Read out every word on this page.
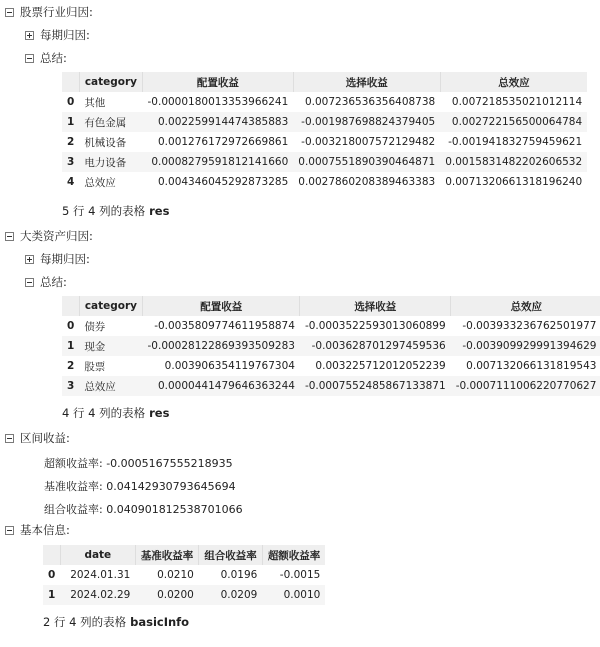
股票行业归因:
每期归因:
总结:
	category	配置收益	选择收益	总效应
0	其他	-0.0000180013353966241	0.007236536356408738	0.007218535021012114
1	有色金属	0.002259914474385883	-0.001987698824379405	0.002722156500064784
2	机械设备	0.001276172972669861	-0.003218007572129482	-0.001941832759459621
3	电力设备	0.0008279591812141660	0.0007551890390464871	0.0015831482202606532
4	总效应	0.004346045292873285	0.0027860208389463383	0.0071320661318196240
5 行 4 列的表格 res
大类资产归因:
每期归因:
总结:
	category	配置收益	选择收益	总效应
0	债券	-0.0035809774611958874	-0.0003522593013060899	-0.003933236762501977
1	现金	-0.00028122869393509283	-0.003628701297459536	-0.003909929991394629
2	股票	0.003906354119767304	0.003225712012052239	0.007132066131819543
3	总效应	0.0000441479646363244	-0.0007552485867133871	-0.0007111006220770627
4 行 4 列的表格 res
区间收益:
超额收益率: -0.0005167555218935
基准收益率: 0.04142930793645694
组合收益率: 0.040901812538701066
基本信息:
	date	基准收益率	组合收益率	超额收益率
0	2024.01.31	0.0210	0.0196	-0.0015
1	2024.02.29	0.0200	0.0209	0.0010
2 行 4 列的表格 basicInfo
